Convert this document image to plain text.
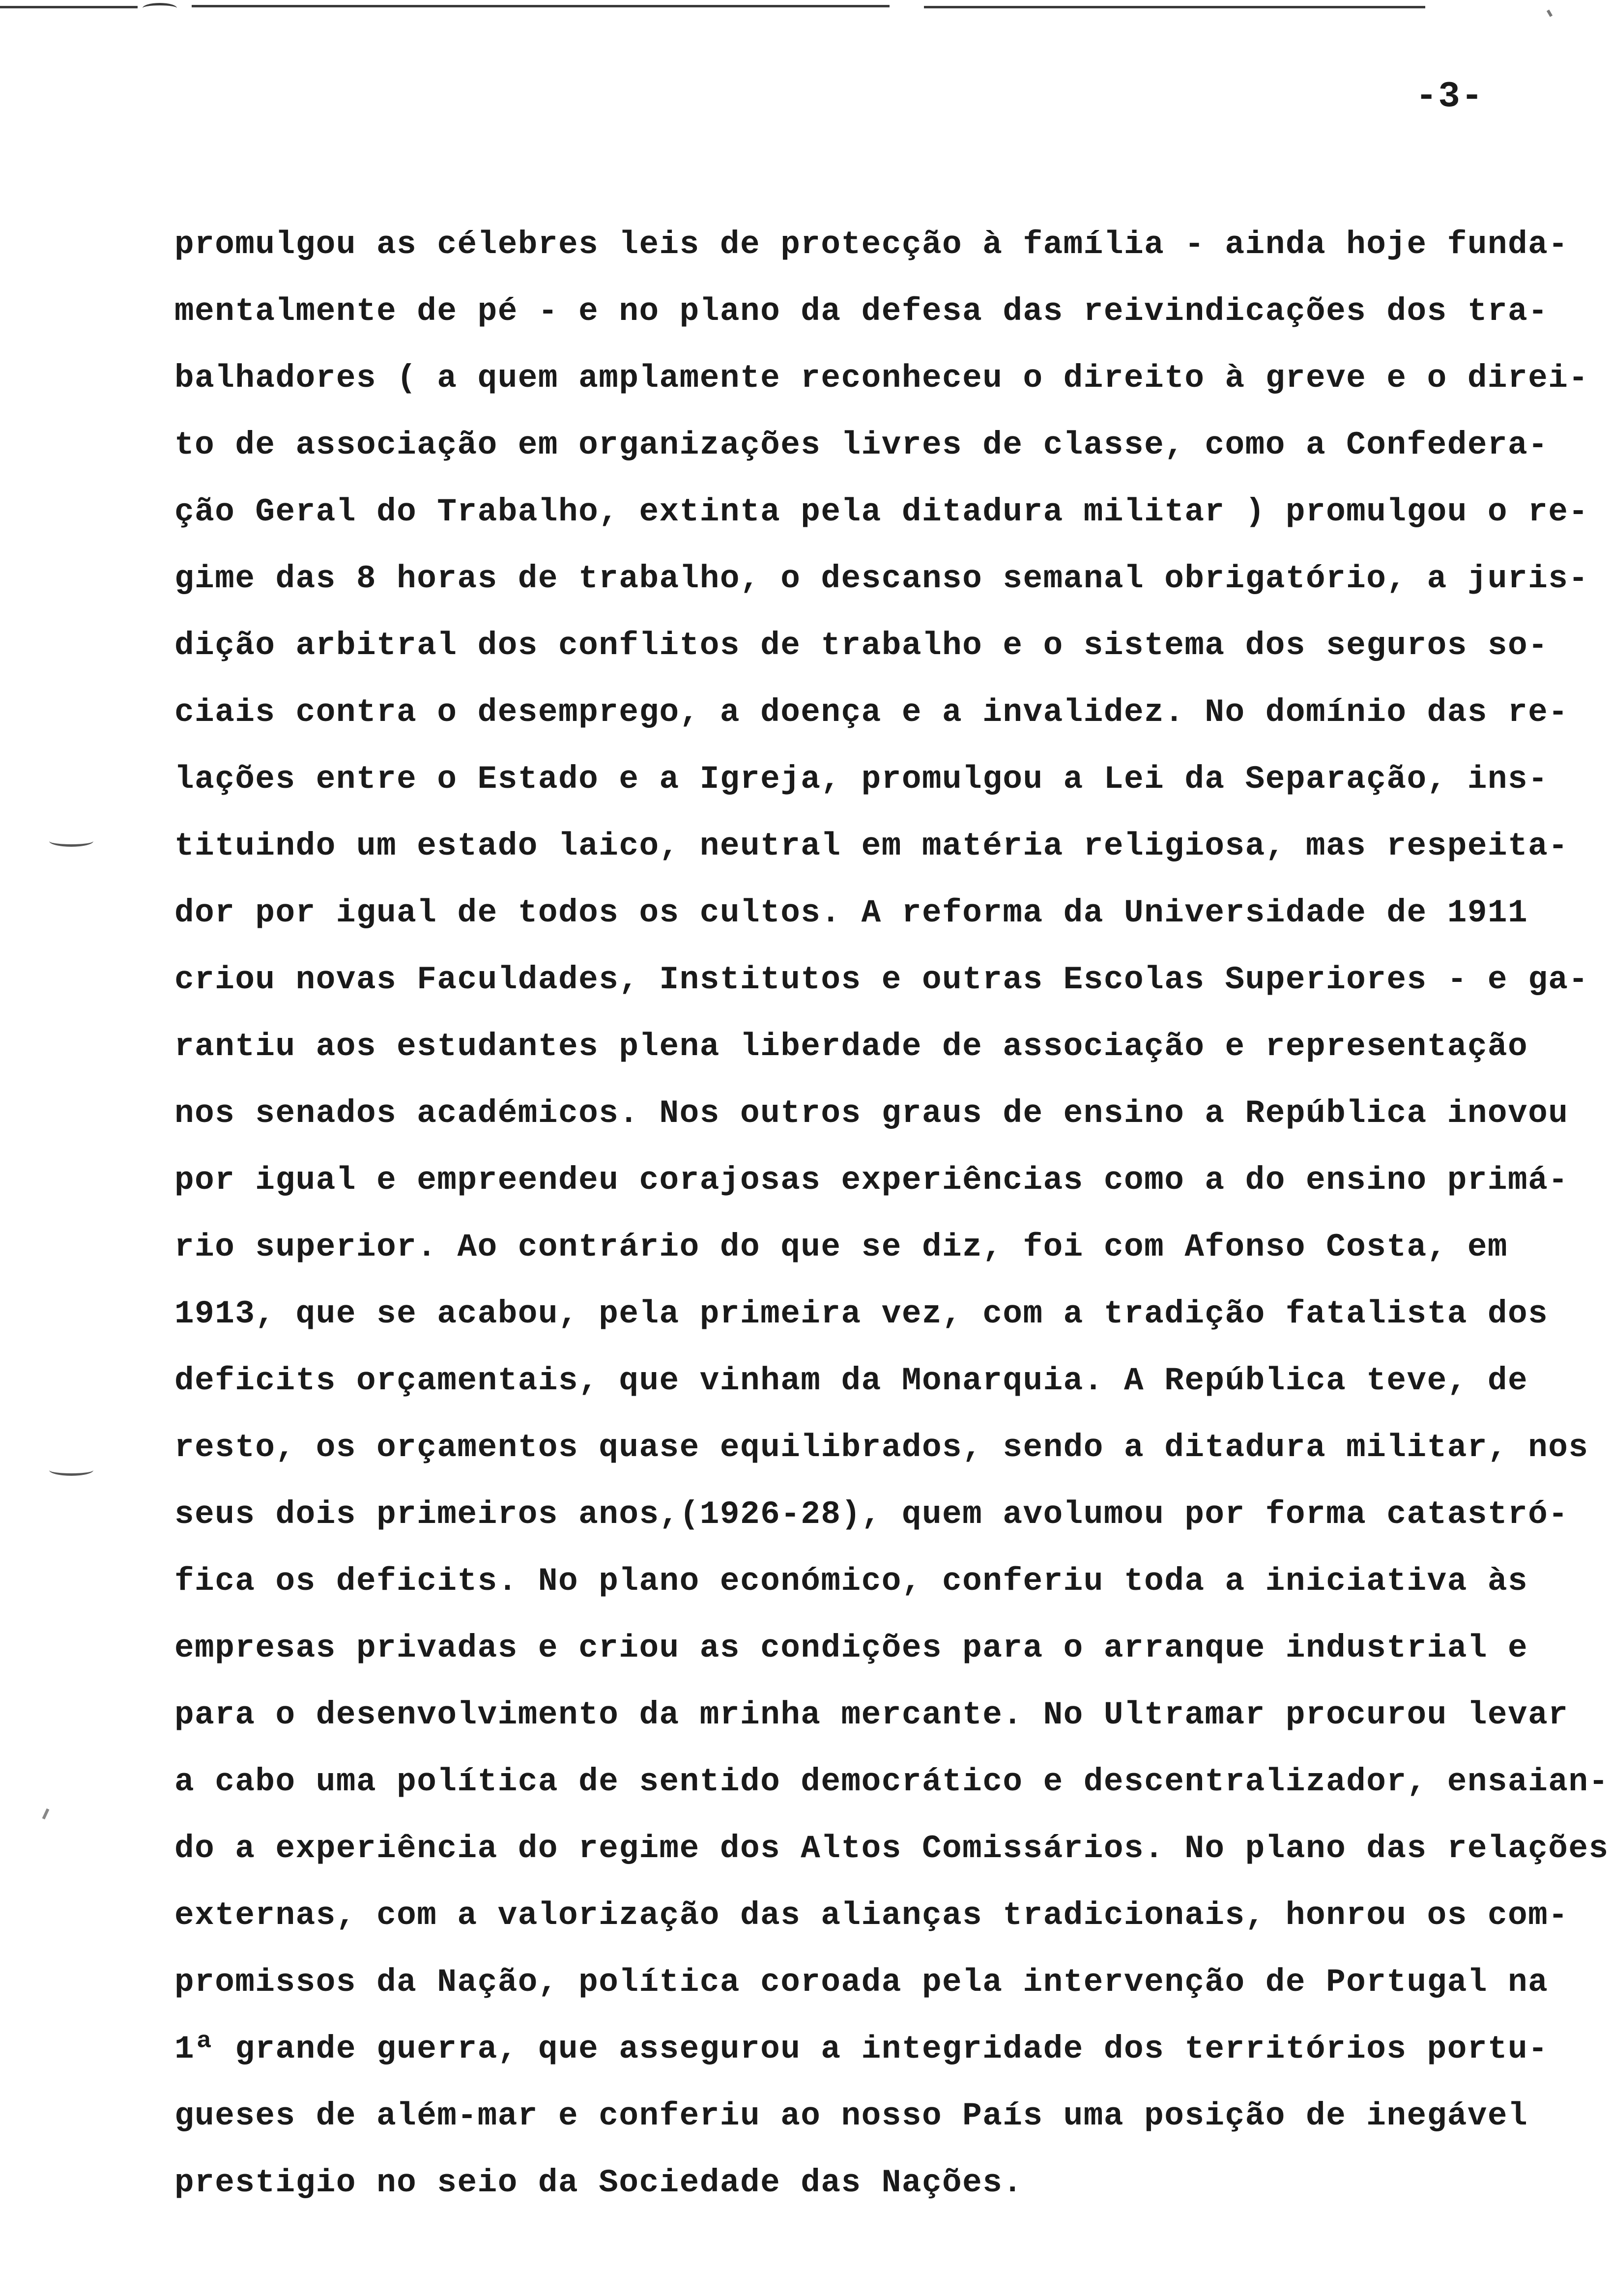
-3-
promulgou as célebres leis de protecção à família - ainda hoje funda-
mentalmente de pé - e no plano da defesa das reivindicações dos tra-
balhadores ( a quem amplamente reconheceu o direito à greve e o direi-
to de associação em organizações livres de classe, como a Confedera-
ção Geral do Trabalho, extinta pela ditadura militar ) promulgou o re-
gime das 8 horas de trabalho, o descanso semanal obrigatório, a juris-
dição arbitral dos conflitos de trabalho e o sistema dos seguros so-
ciais contra o desemprego, a doença e a invalidez. No domínio das re-
lações entre o Estado e a Igreja, promulgou a Lei da Separação, ins-
tituindo um estado laico, neutral em matéria religiosa, mas respeita-
dor por igual de todos os cultos. A reforma da Universidade de 1911
criou novas Faculdades, Institutos e outras Escolas Superiores - e ga-
rantiu aos estudantes plena liberdade de associação e representação
nos senados académicos. Nos outros graus de ensino a República inovou
por igual e empreendeu corajosas experiências como a do ensino primá-
rio superior. Ao contrário do que se diz, foi com Afonso Costa, em
1913, que se acabou, pela primeira vez, com a tradição fatalista dos
deficits orçamentais, que vinham da Monarquia. A República teve, de
resto, os orçamentos quase equilibrados, sendo a ditadura militar, nos
seus dois primeiros anos,(1926-28), quem avolumou por forma catastró-
fica os deficits. No plano económico, conferiu toda a iniciativa às
empresas privadas e criou as condições para o arranque industrial e
para o desenvolvimento da mrinha mercante. No Ultramar procurou levar
a cabo uma política de sentido democrático e descentralizador, ensaian-
do a experiência do regime dos Altos Comissários. No plano das relações
externas, com a valorização das alianças tradicionais, honrou os com-
promissos da Nação, política coroada pela intervenção de Portugal na
1ª grande guerra, que assegurou a integridade dos territórios portu-
gueses de além-mar e conferiu ao nosso País uma posição de inegável
prestigio no seio da Sociedade das Nações.
